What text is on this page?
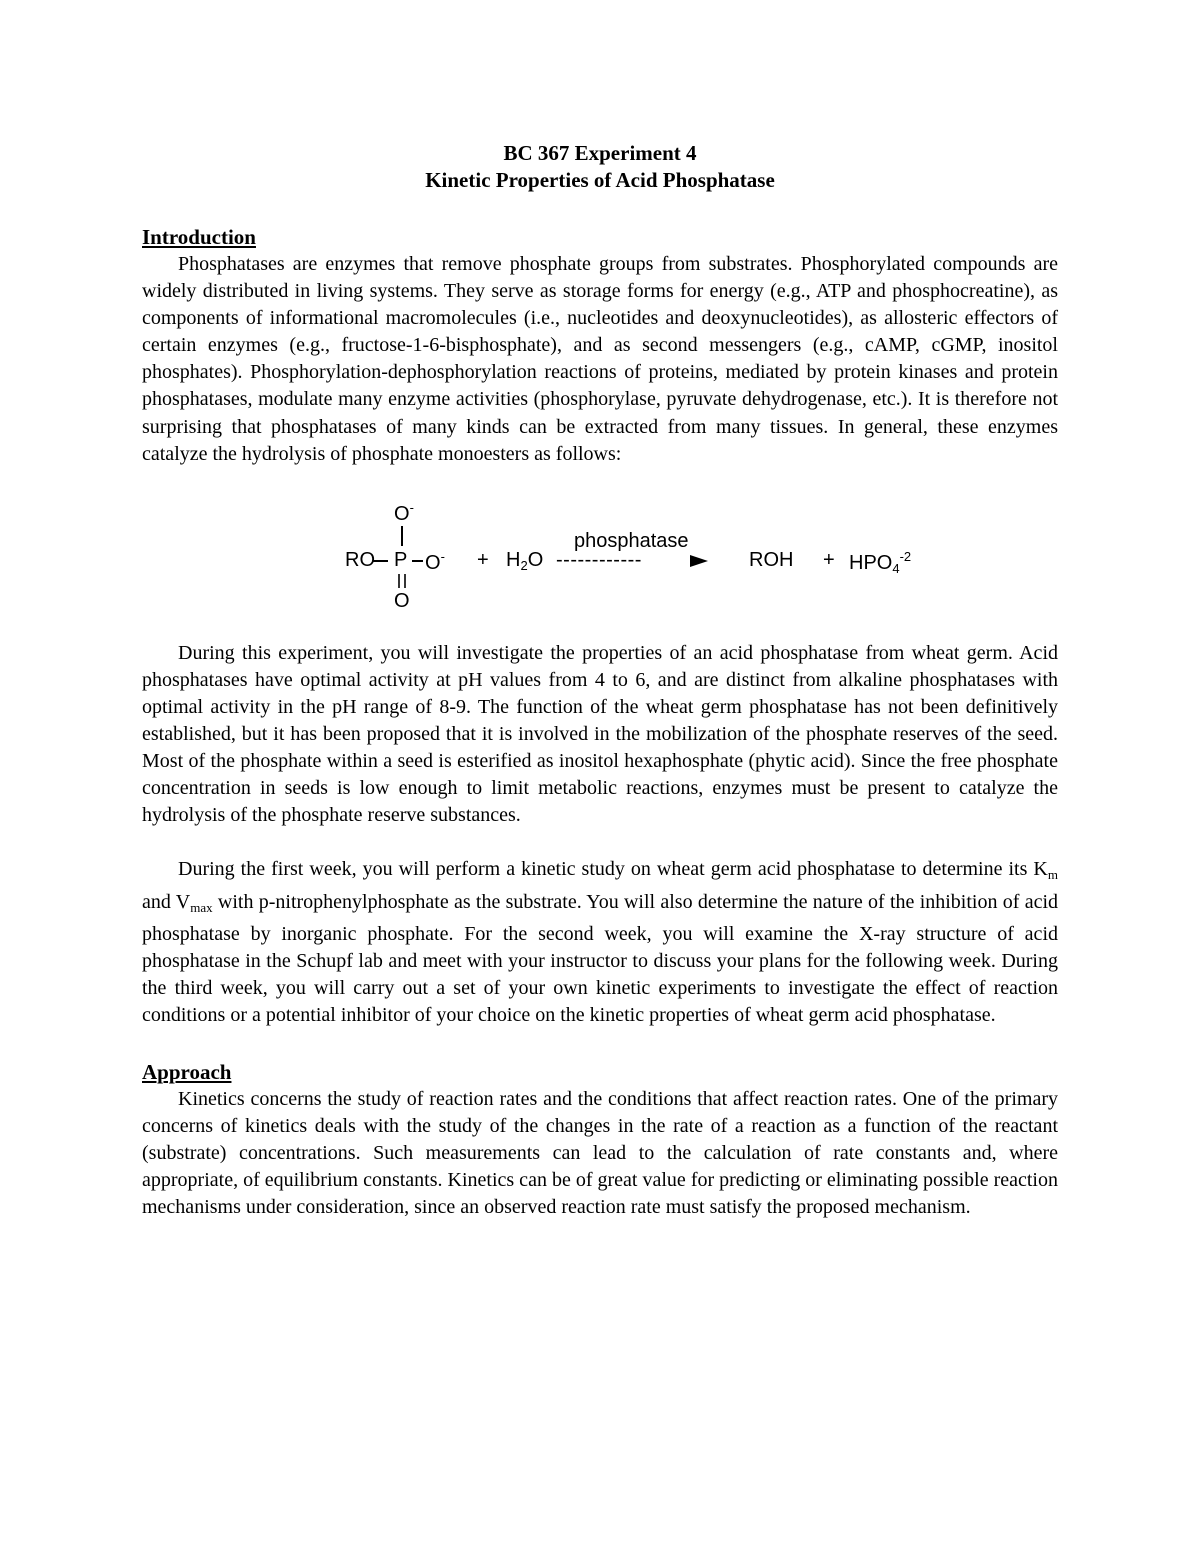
BC 367 Experiment 4

Kinetic Properties of Acid Phosphatase

Introduction

Phosphatases are enzymes that remove phosphate groups from substrates. Phosphorylated compounds are widely distributed in living systems. They serve as storage forms for energy (e.g., ATP and phosphocreatine), as components of informational macromolecules (i.e., nucleotides and deoxynucleotides), as allosteric effectors of certain enzymes (e.g., fructose-1-6-bisphosphate), and as second messengers (e.g., cAMP, cGMP, inositol phosphates). Phosphorylation-dephosphorylation reactions of proteins, mediated by protein kinases and protein phosphatases, modulate many enzyme activities (phosphorylase, pyruvate dehydrogenase, etc.). It is therefore not surprising that phosphatases of many kinds can be extracted from many tissues. In general, these enzymes catalyze the hydrolysis of phosphate monoesters as follows:

O-
RO P O-
O
+ $H_2O$
phosphatase
------------	ROH + $HPO_4^{-2}$

During this experiment, you will investigate the properties of an acid phosphatase from wheat germ. Acid phosphatases have optimal activity at pH values from 4 to 6, and are distinct from alkaline phosphatases with optimal activity in the pH range of 8-9. The function of the wheat germ phosphatase has not been definitively established, but it has been proposed that it is involved in the mobilization of the phosphate reserves of the seed. Most of the phosphate within a seed is esterified as inositol hexaphosphate (phytic acid). Since the free phosphate concentration in seeds is low enough to limit metabolic reactions, enzymes must be present to catalyze the hydrolysis of the phosphate reserve substances.

During the first week, you will perform a kinetic study on wheat germ acid phosphatase to determine its $K_m$ and $V_{max}$ with p-nitrophenylphosphate as the substrate. You will also determine the nature of the inhibition of acid phosphatase by inorganic phosphate. For the second week, you will examine the X-ray structure of acid phosphatase in the Schupf lab and meet with your instructor to discuss your plans for the following week. During the third week, you will carry out a set of your own kinetic experiments to investigate the effect of reaction conditions or a potential inhibitor of your choice on the kinetic properties of wheat germ acid phosphatase.

Approach

Kinetics concerns the study of reaction rates and the conditions that affect reaction rates. One of the primary concerns of kinetics deals with the study of the changes in the rate of a reaction as a function of the reactant (substrate) concentrations. Such measurements can lead to the calculation of rate constants and, where appropriate, of equilibrium constants. Kinetics can be of great value for predicting or eliminating possible reaction mechanisms under consideration, since an observed reaction rate must satisfy the proposed mechanism.
